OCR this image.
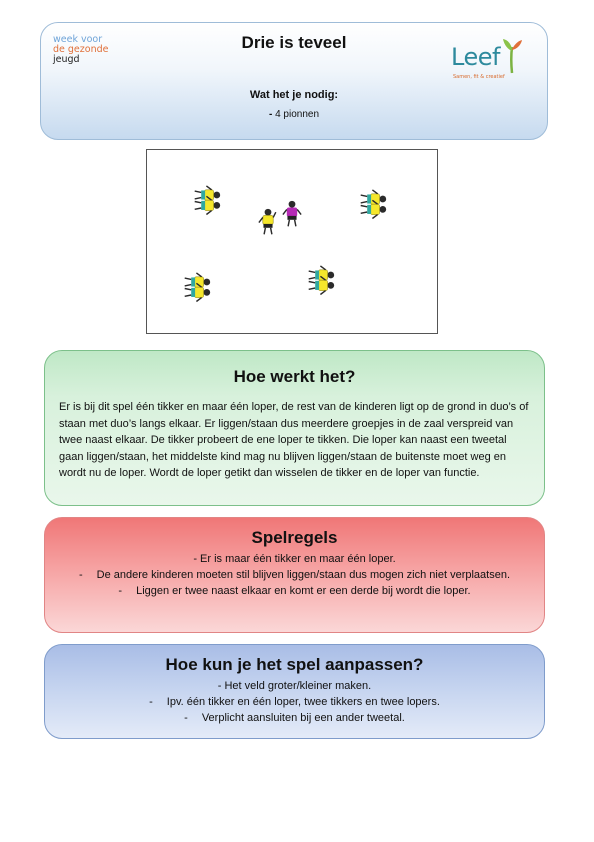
week voor
de gezonde
jeugd
Drie is teveel
Leef
Samen, fit & creatief
Wat het je nodig:
- 4 pionnen
Hoe werkt het?
Er is bij dit spel één tikker en maar één loper, de rest van de kinderen ligt op de grond in duo’s of staan met duo’s langs elkaar. Er liggen/staan dus meerdere groepjes in de zaal verspreid van twee naast elkaar. De tikker probeert de ene loper te tikken. Die loper kan naast een tweetal gaan liggen/staan, het middelste kind mag nu blijven liggen/staan de buitenste moet weg en wordt nu de loper. Wordt de loper getikt dan wisselen de tikker en de loper van functie.
Spelregels
- Er is maar één tikker en maar één loper.
- De andere kinderen moeten stil blijven liggen/staan dus mogen zich niet verplaatsen.
- Liggen er twee naast elkaar en komt er een derde bij wordt die loper.
Hoe kun je het spel aanpassen?
- Het veld groter/kleiner maken.
- Ipv. één tikker en één loper, twee tikkers en twee lopers.
- Verplicht aansluiten bij een ander tweetal.
